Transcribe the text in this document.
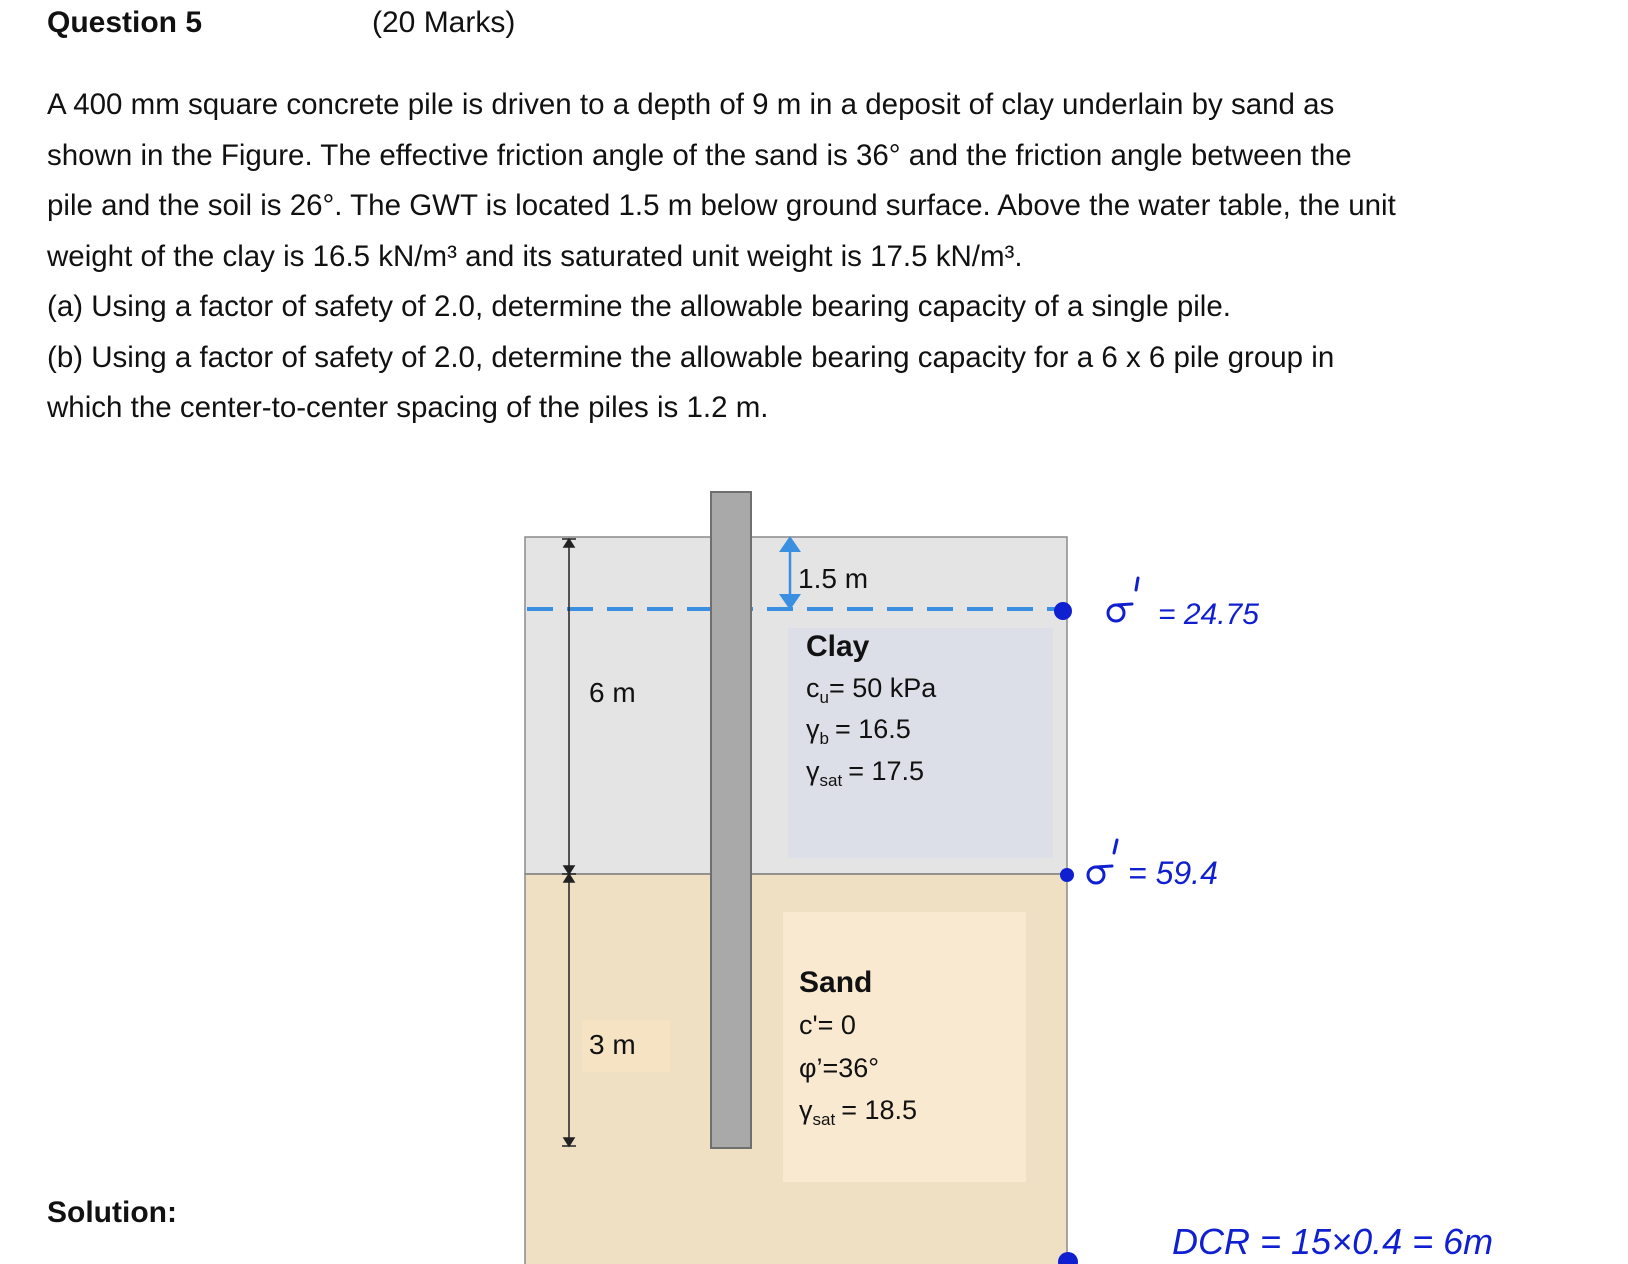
Question 5	(20 Marks)

A 400 mm square concrete pile is driven to a depth of 9 m in a deposit of clay underlain by sand as

shown in the Figure. The effective friction angle of the sand is 36° and the friction angle between the

pile and the soil is 26°. The GWT is located 1.5 m below ground surface. Above the water table, the unit

weight of the clay is 16.5 kN/m³ and its saturated unit weight is 17.5 kN/m³.

(a) Using a factor of safety of 2.0, determine the allowable bearing capacity of a single pile.

(b) Using a factor of safety of 2.0, determine the allowable bearing capacity for a 6 x 6 pile group in

which the center-to-center spacing of the piles is 1.2 m.

1.5 m
6 m
3 m
Clay
$c_u= 50$ kPa
$\gamma_b = 16.5$
$\gamma_{sat} = 17.5$
Sand
c'= 0
φ’=36°
$\gamma_{sat} = 18.5$
= 24.75
= 59.4
DCR = 15×0.4 = 6m
Solution:
